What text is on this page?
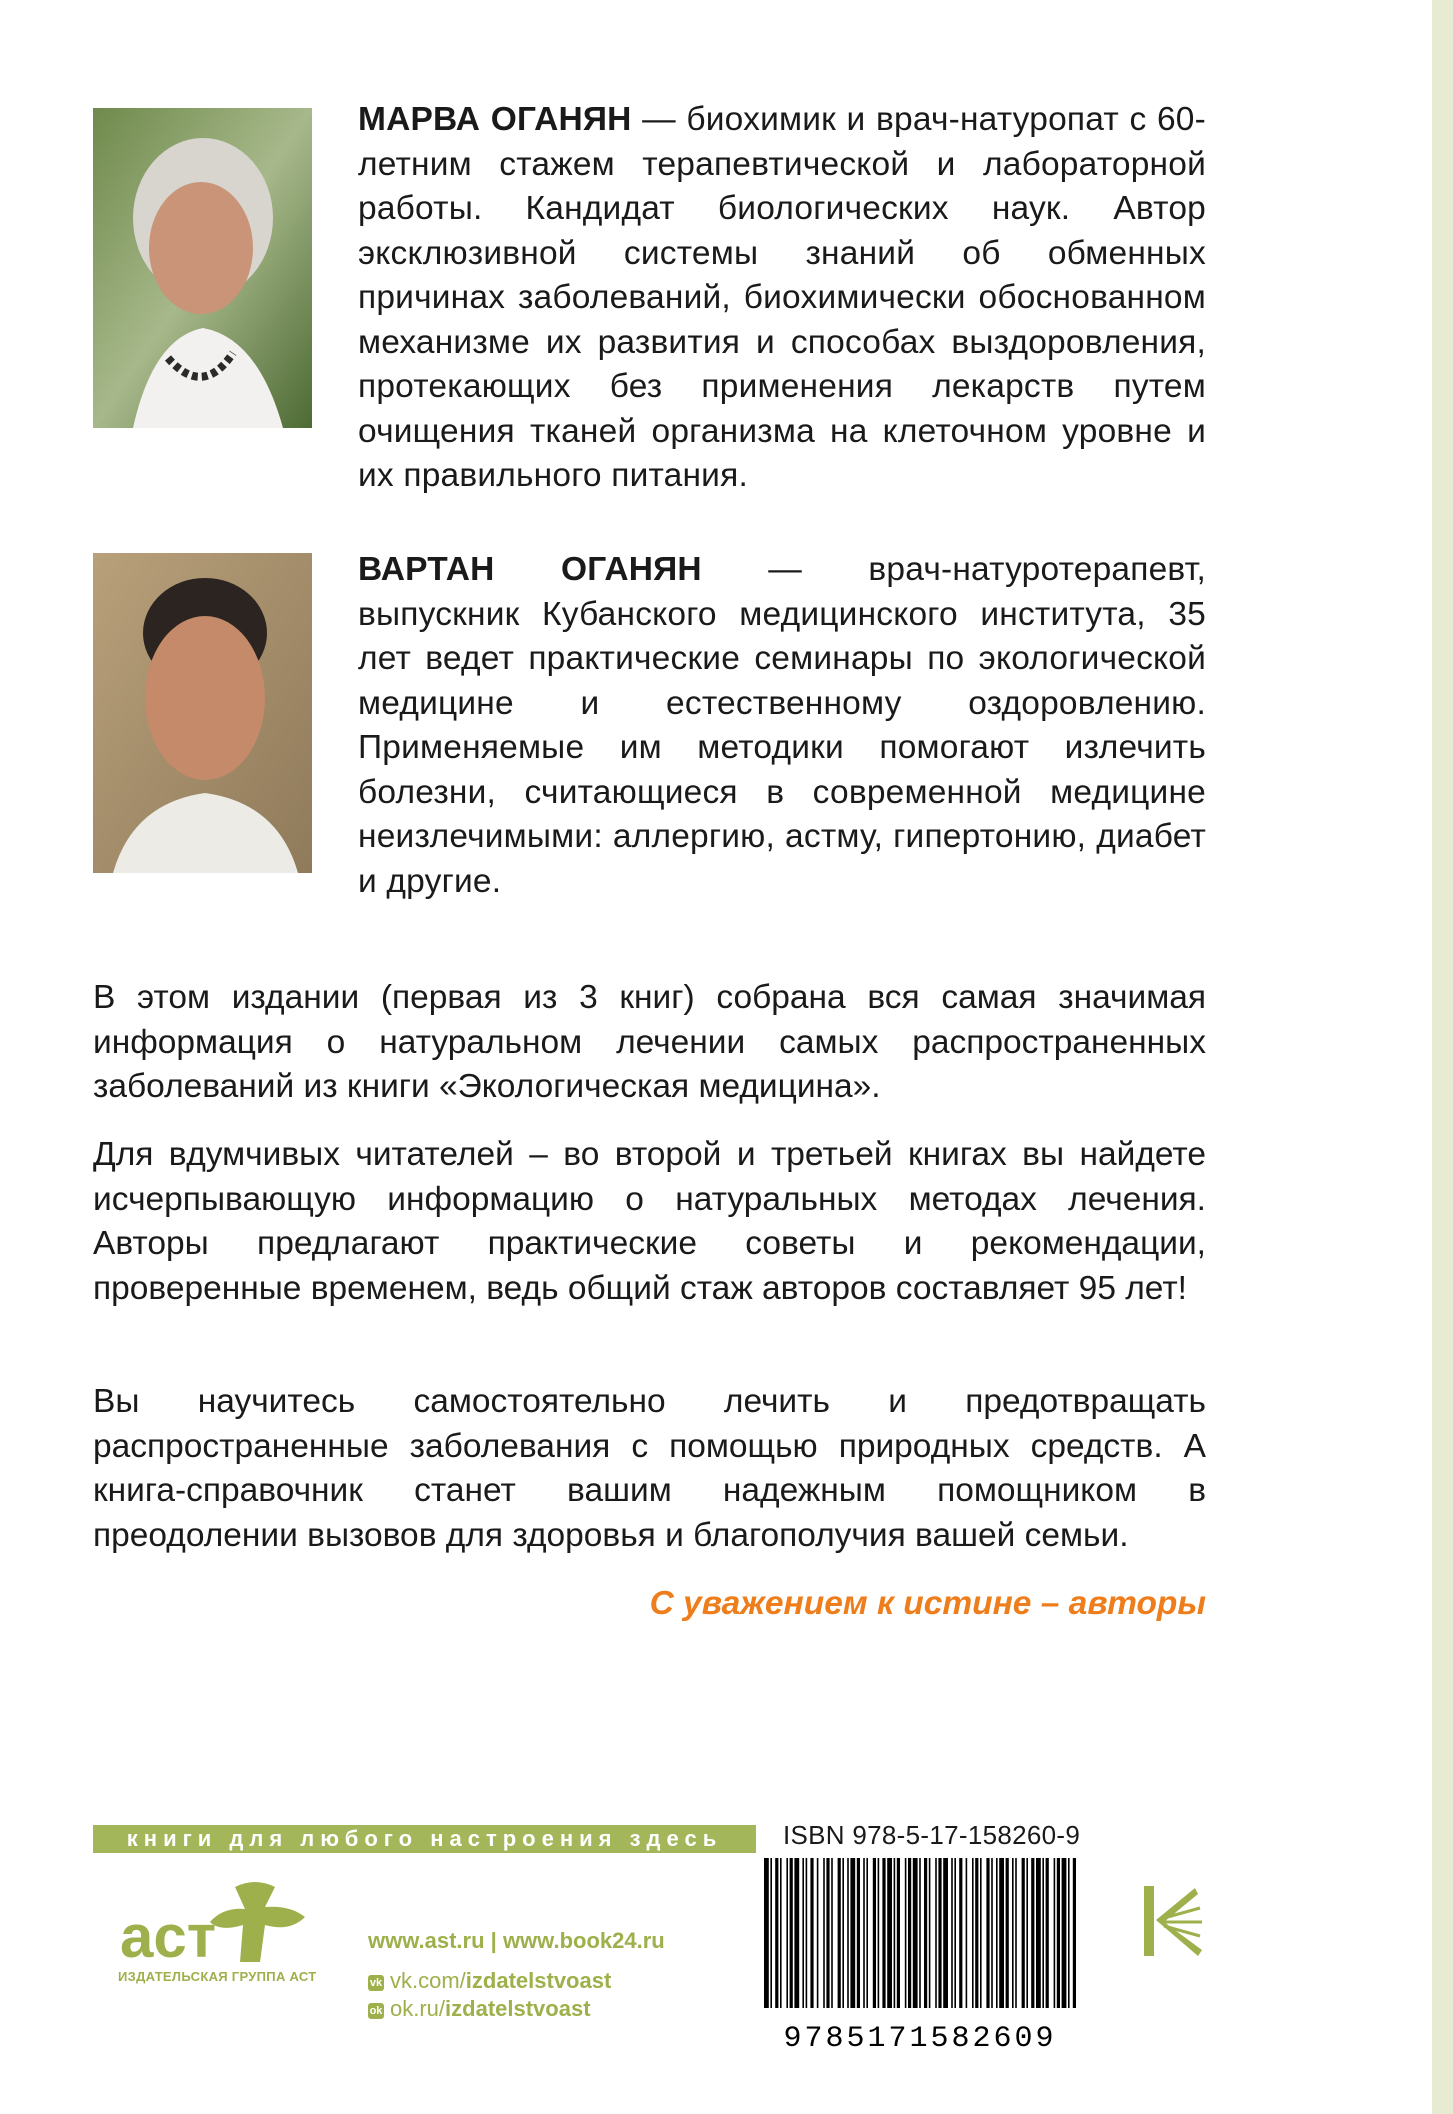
МАРВА ОГАНЯН — биохимик и врач-натуропат с 60-летним стажем терапевтической и лабораторной работы. Кандидат биологических наук. Автор эксклюзивной системы знаний об обменных причинах заболеваний, биохимически обоснованном механизме их развития и способах выздоровления, протекающих без применения лекарств путем очищения тканей организма на клеточном уровне и их правильного питания.
ВАРТАН ОГАНЯН — врач-натуротерапевт, выпускник Кубанского медицинского института, 35 лет ведет практические семинары по экологической медицине и естественному оздоровлению. Применяемые им методики помогают излечить болезни, считающиеся в современной медицине неизлечимыми: аллергию, астму, гипертонию, диабет и другие.

В этом издании (первая из 3 книг) собрана вся самая значимая информация о натуральном лечении самых распространенных заболеваний из книги «Экологическая медицина».

Для вдумчивых читателей – во второй и третьей книгах вы найдете исчерпывающую информацию о натуральных методах лечения. Авторы предлагают практические советы и рекомендации, проверенные временем, ведь общий стаж авторов составляет 95 лет!

Вы научитесь самостоятельно лечить и предотвращать распространенные заболевания с помощью природных средств. А книга-справочник станет вашим надежным помощником в преодолении вызовов для здоровья и благополучия вашей семьи.

С уважением к истине – авторы
книги для любого настроения здесь
аст
ИЗДАТЕЛЬСКАЯ ГРУППА АСТ
www.ast.ru | www.book24.ru
vk vk.com/izdatelstvoast
ok ok.ru/izdatelstvoast
ISBN 978-5-17-158260-9
9785171582609
